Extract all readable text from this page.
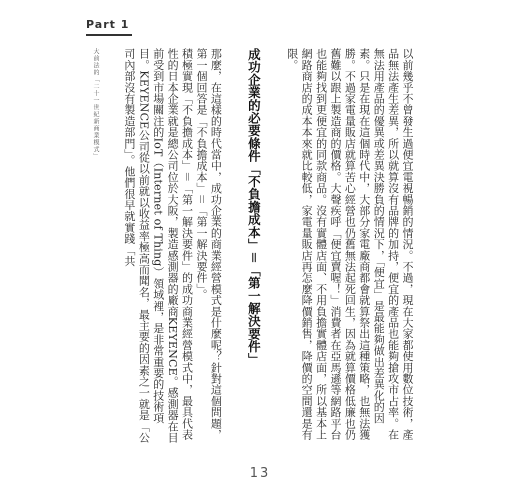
Part 1
大前法的「二十一世紀新商業模式」	以前幾乎不曾發生過便宜電視暢銷的情況。不過，現在大家都使用數位技術，產品無法產生差異，所以就算沒有品牌的加持，便宜的產品也能夠搶攻市占率。在無法用產品的優異或差異決勝負的情況下，「便宜」是最能夠做出差異化的因素。只是在現在這個時代中，大部分家電廠商都會就算祭出這種策略，也無法獲勝。不過家電量販店就算苦心經營也仍舊無法起死回生，因為就算價格低廉也仍舊難以跟上製造商的價格。大聲疾呼「便宜賣喔！」消費者在亞馬遜等網路平台也能夠找到更便宜的同款商品。沒有實體店面、不用負擔實體店面，所以基本上網路商店的成本本來就比較低，家電量販店再怎麼降價銷售，降價的空間還是有限。

成功企業的必要條件「不負擔成本」＝「第一解決要件」

那麼，在這樣的時代當中，成功企業的商業經營模式是什麼呢？針對這個問題，第一個回答是「不負擔成本」＝「第一解決要件」。

積極實現「不負擔成本」＝「第一解決要件」的成功商業經營模式中，最具代表性的日本企業就是總公司位於大阪，製造感測器的廠商KEYENCE。感測器在目前受到市場關注的IoT（Internet of Thing）領域裡，是非常重要的技術項目。KEYENCE公司從以前就以收益率極高而聞名，最主要的因素之一就是「公司內部沒有製造部門」。他們很早就實踐「共

13
